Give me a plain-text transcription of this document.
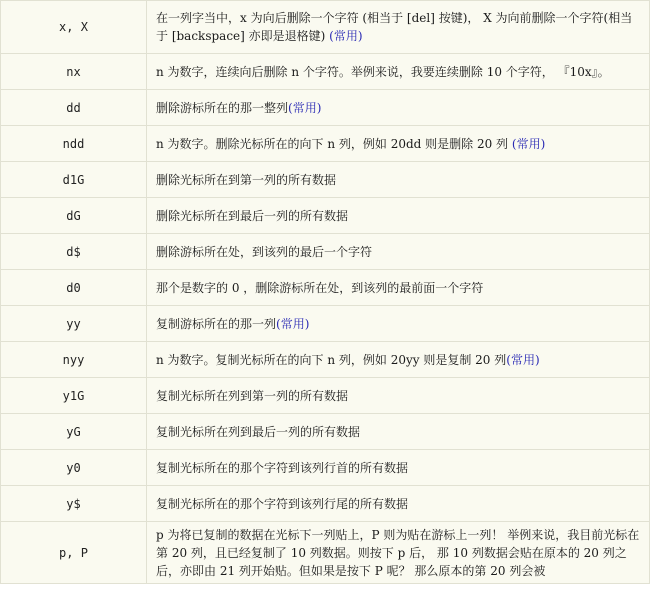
x, X	在一列字当中，x 为向后删除一个字符 (相当于 [del] 按键)， X 为向前删除一个字符(相当于 [backspace] 亦即是退格键) (常用)
nx	n 为数字，连续向后删除 n 个字符。举例来说，我要连续删除 10 个字符， 『10x』。
dd	删除游标所在的那一整列(常用)
ndd	n 为数字。删除光标所在的向下 n 列，例如 20dd 则是删除 20 列 (常用)
d1G	删除光标所在到第一列的所有数据
dG	删除光标所在到最后一列的所有数据
d$	删除游标所在处，到该列的最后一个字符
d0	那个是数字的 0 ，删除游标所在处，到该列的最前面一个字符
yy	复制游标所在的那一列(常用)
nyy	n 为数字。复制光标所在的向下 n 列，例如 20yy 则是复制 20 列(常用)
y1G	复制光标所在列到第一列的所有数据
yG	复制光标所在列到最后一列的所有数据
y0	复制光标所在的那个字符到该列行首的所有数据
y$	复制光标所在的那个字符到该列行尾的所有数据
p, P	p 为将已复制的数据在光标下一列贴上，P 则为贴在游标上一列！ 举例来说，我目前光标在第 20 列，且已经复制了 10 列数据。则按下 p 后， 那 10 列数据会贴在原本的 20 列之后，亦即由 21 列开始贴。但如果是按下 P 呢？ 那么原本的第 20 列会被
